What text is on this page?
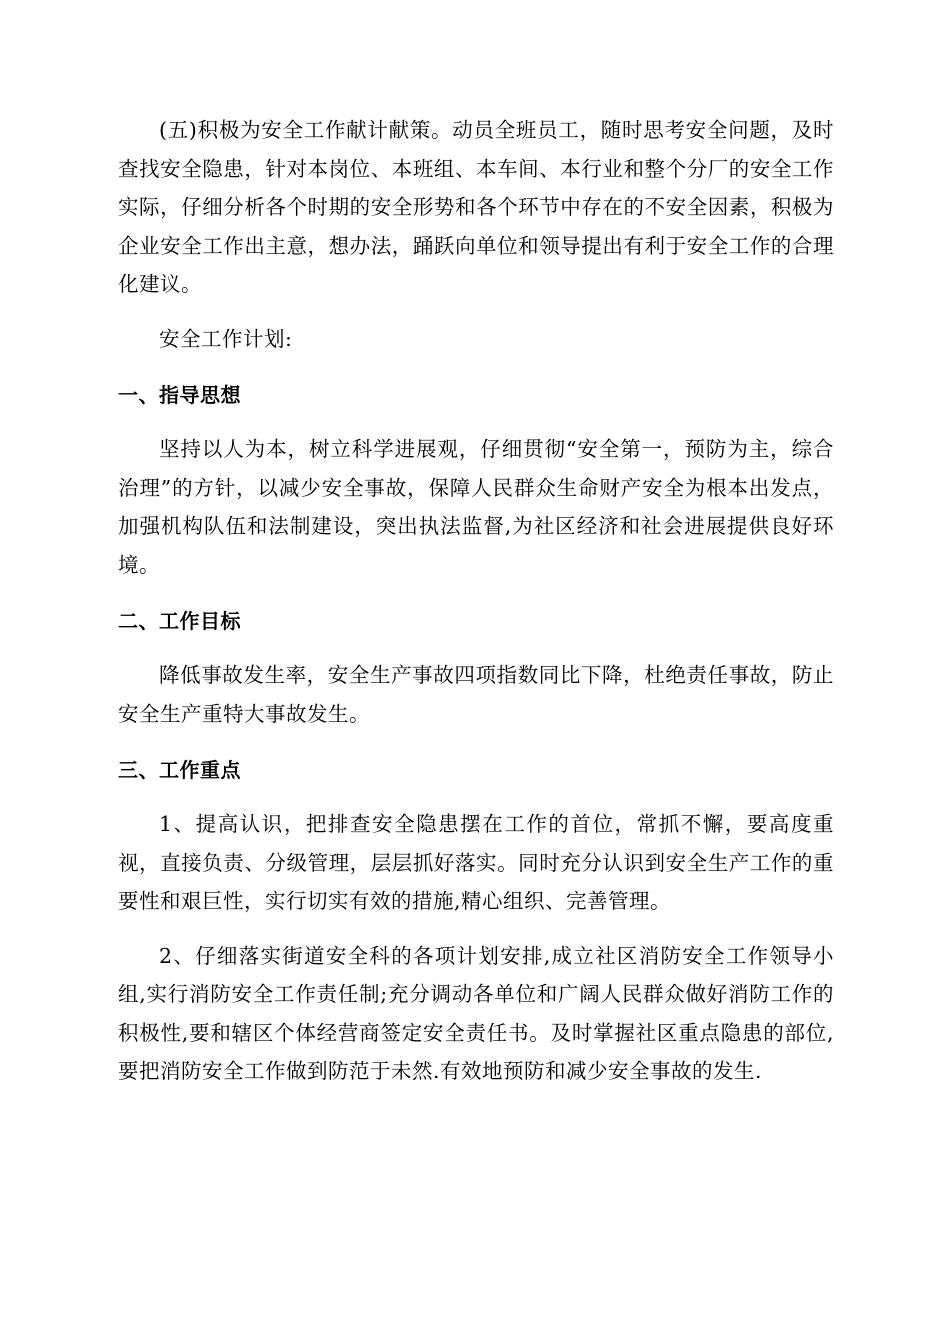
(五)积极为安全工作献计献策。动员全班员工，随时思考安全问题，及时查找安全隐患，针对本岗位、本班组、本车间、本行业和整个分厂的安全工作实际，仔细分析各个时期的安全形势和各个环节中存在的不安全因素，积极为企业安全工作出主意，想办法，踊跃向单位和领导提出有利于安全工作的合理化建议。

安全工作计划:

一、指导思想

坚持以人为本，树立科学进展观，仔细贯彻“安全第一，预防为主，综合治理”的方针，以减少安全事故，保障人民群众生命财产安全为根本出发点，加强机构队伍和法制建设，突出执法监督,为社区经济和社会进展提供良好环境。

二、工作目标

降低事故发生率，安全生产事故四项指数同比下降，杜绝责任事故，防止安全生产重特大事故发生。

三、工作重点

1、提高认识，把排查安全隐患摆在工作的首位，常抓不懈，要高度重视，直接负责、分级管理，层层抓好落实。同时充分认识到安全生产工作的重要性和艰巨性，实行切实有效的措施,精心组织、完善管理。

2、仔细落实街道安全科的各项计划安排,成立社区消防安全工作领导小组,实行消防安全工作责任制;充分调动各单位和广阔人民群众做好消防工作的积极性,要和辖区个体经营商签定安全责任书。及时掌握社区重点隐患的部位,要把消防安全工作做到防范于未然.有效地预防和减少安全事故的发生.
